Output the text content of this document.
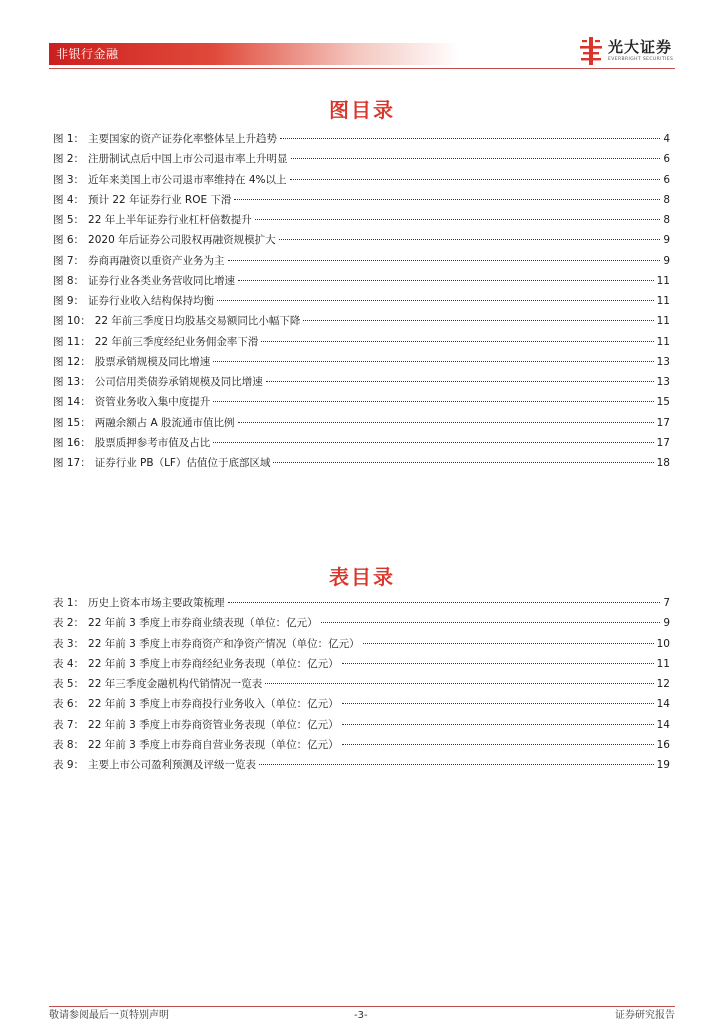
非银行金融	光大证券
EVERBRIGHT SECURITIES
图目录
图 1： 主要国家的资产证券化率整体呈上升趋势	4
图 2： 注册制试点后中国上市公司退市率上升明显	6
图 3： 近年来美国上市公司退市率维持在 4%以上	6
图 4： 预计 22 年证券行业 ROE 下滑	8
图 5： 22 年上半年证券行业杠杆倍数提升	8
图 6： 2020 年后证券公司股权再融资规模扩大	9
图 7： 券商再融资以重资产业务为主	9
图 8： 证券行业各类业务营收同比增速	11
图 9： 证券行业收入结构保持均衡	11
图 10： 22 年前三季度日均股基交易额同比小幅下降	11
图 11： 22 年前三季度经纪业务佣金率下滑	11
图 12： 股票承销规模及同比增速	13
图 13： 公司信用类债券承销规模及同比增速	13
图 14： 资管业务收入集中度提升	15
图 15： 两融余额占 A 股流通市值比例	17
图 16： 股票质押参考市值及占比	17
图 17： 证券行业 PB（LF）估值位于底部区域	18
表目录
表 1： 历史上资本市场主要政策梳理	7
表 2： 22 年前 3 季度上市券商业绩表现（单位：亿元）	9
表 3： 22 年前 3 季度上市券商资产和净资产情况（单位：亿元）	10
表 4： 22 年前 3 季度上市券商经纪业务表现（单位：亿元）	11
表 5： 22 年三季度金融机构代销情况一览表	12
表 6： 22 年前 3 季度上市券商投行业务收入（单位：亿元）	14
表 7： 22 年前 3 季度上市券商资管业务表现（单位：亿元）	14
表 8： 22 年前 3 季度上市券商自营业务表现（单位：亿元）	16
表 9： 主要上市公司盈利预测及评级一览表	19
敬请参阅最后一页特别声明	-3-	证券研究报告
